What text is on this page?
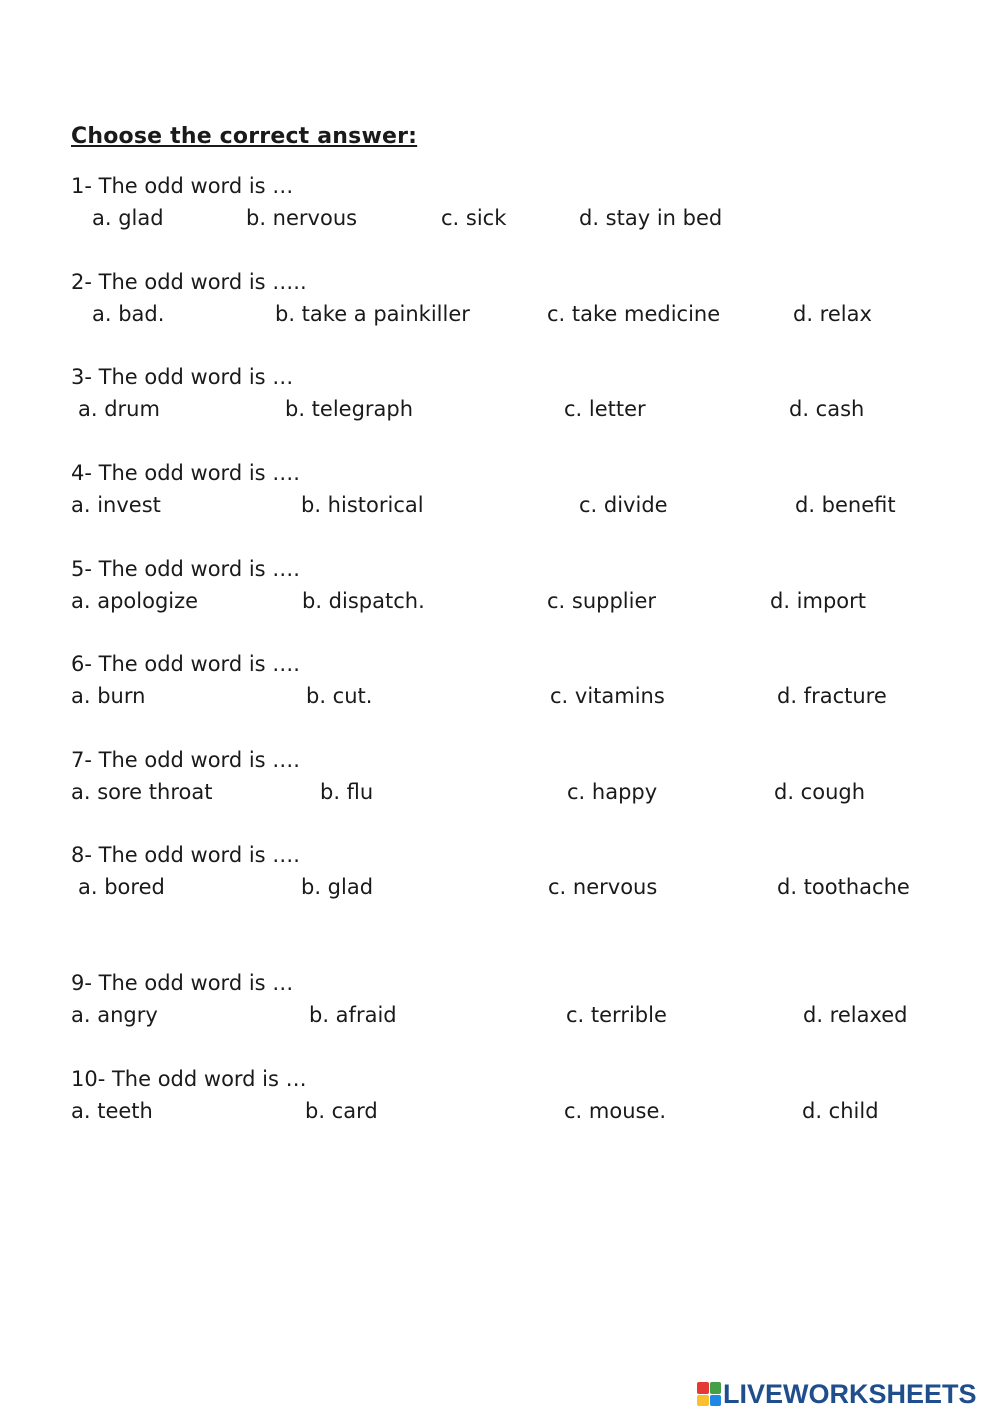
Choose the correct answer:
1- The odd word is …
a. glad	b. nervous	c. sick	d. stay in bed
2- The odd word is …..
a. bad.	b. take a painkiller	c. take medicine	d. relax
3- The odd word is …
a. drum	b. telegraph	c. letter	d. cash
4- The odd word is ….
a. invest	b. historical	c. divide	d. benefit
5- The odd word is ….
a. apologize	b. dispatch.	c. supplier	d. import
6- The odd word is ….
a. burn	b. cut.	c. vitamins	d. fracture
7- The odd word is ….
a. sore throat	b. flu	c. happy	d. cough
8- The odd word is ….
a. bored	b. glad	c. nervous	d. toothache
9- The odd word is …
a. angry	b. afraid	c. terrible	d. relaxed
10- The odd word is …
a. teeth	b. card	c. mouse.	d. child
LIVEWORKSHEETS
